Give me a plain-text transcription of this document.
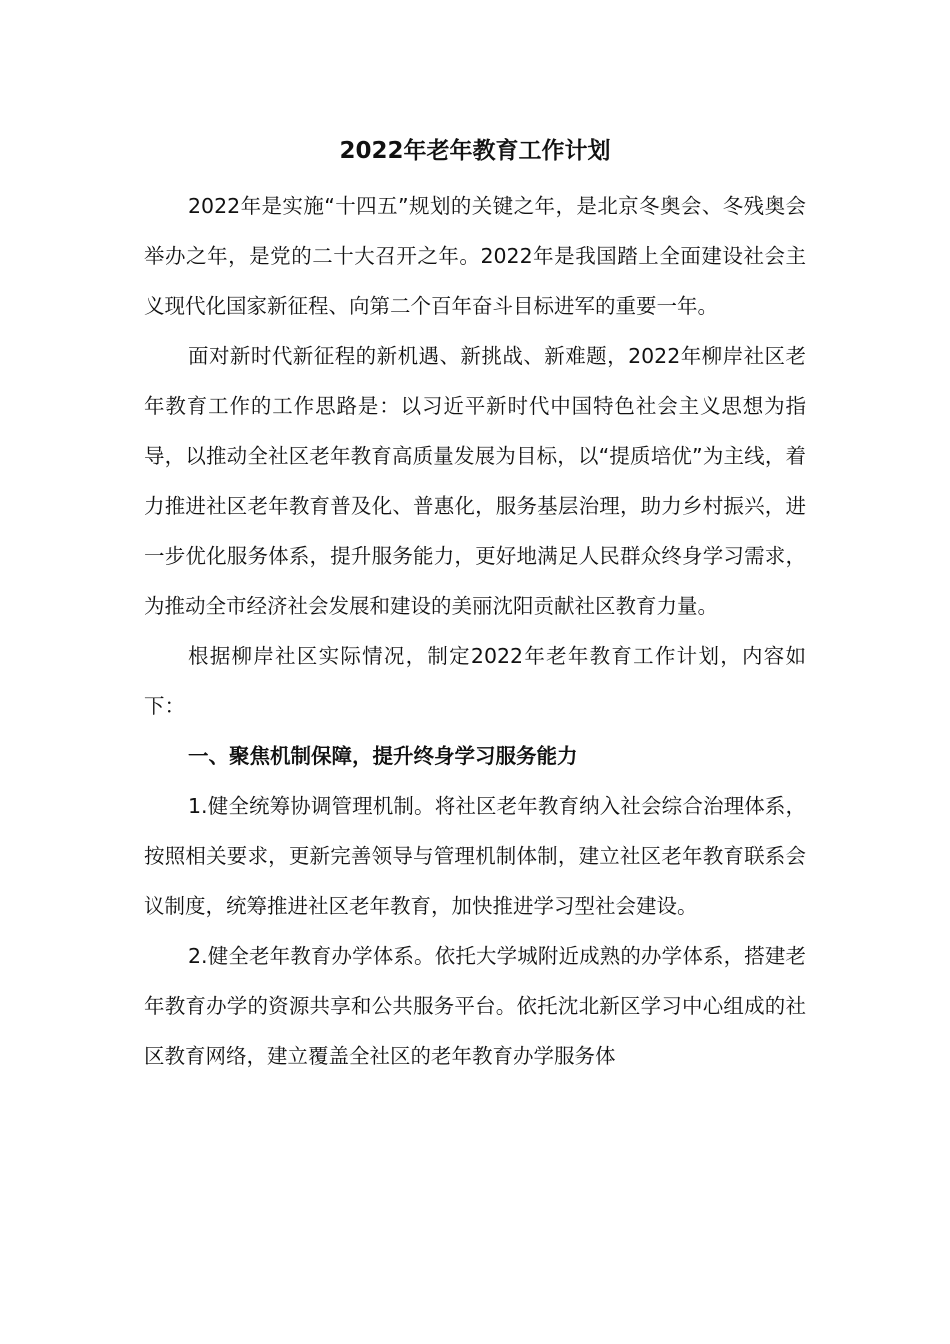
2022年老年教育工作计划

2022年是实施“十四五”规划的关键之年，是北京冬奥会、冬残奥会举办之年，是党的二十大召开之年。2022年是我国踏上全面建设社会主义现代化国家新征程、向第二个百年奋斗目标进军的重要一年。

面对新时代新征程的新机遇、新挑战、新难题，2022年柳岸社区老年教育工作的工作思路是：以习近平新时代中国特色社会主义思想为指导，以推动全社区老年教育高质量发展为目标，以“提质培优”为主线，着力推进社区老年教育普及化、普惠化，服务基层治理，助力乡村振兴，进一步优化服务体系，提升服务能力，更好地满足人民群众终身学习需求，为推动全市经济社会发展和建设的美丽沈阳贡献社区教育力量。

根据柳岸社区实际情况，制定2022年老年教育工作计划，内容如下：

一、聚焦机制保障，提升终身学习服务能力

1.健全统筹协调管理机制。将社区老年教育纳入社会综合治理体系，按照相关要求，更新完善领导与管理机制体制，建立社区老年教育联系会议制度，统筹推进社区老年教育，加快推进学习型社会建设。

2.健全老年教育办学体系。依托大学城附近成熟的办学体系，搭建老年教育办学的资源共享和公共服务平台。依托沈北新区学习中心组成的社区教育网络，建立覆盖全社区的老年教育办学服务体
